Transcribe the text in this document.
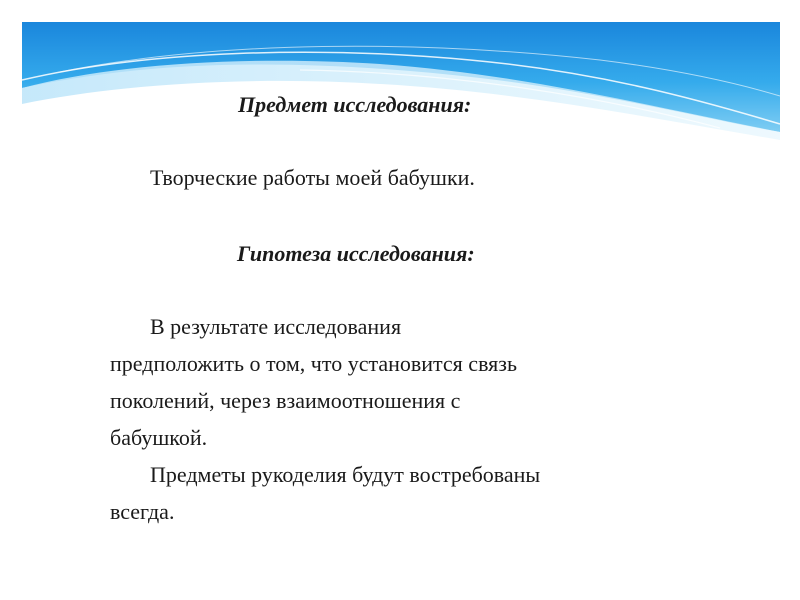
Предмет исследования:
Творческие работы моей бабушки.
Гипотеза исследования:
В результате исследования
предположить о том, что установится связь
поколений, через взаимоотношения с
бабушкой.
Предметы рукоделия будут востребованы
всегда.
